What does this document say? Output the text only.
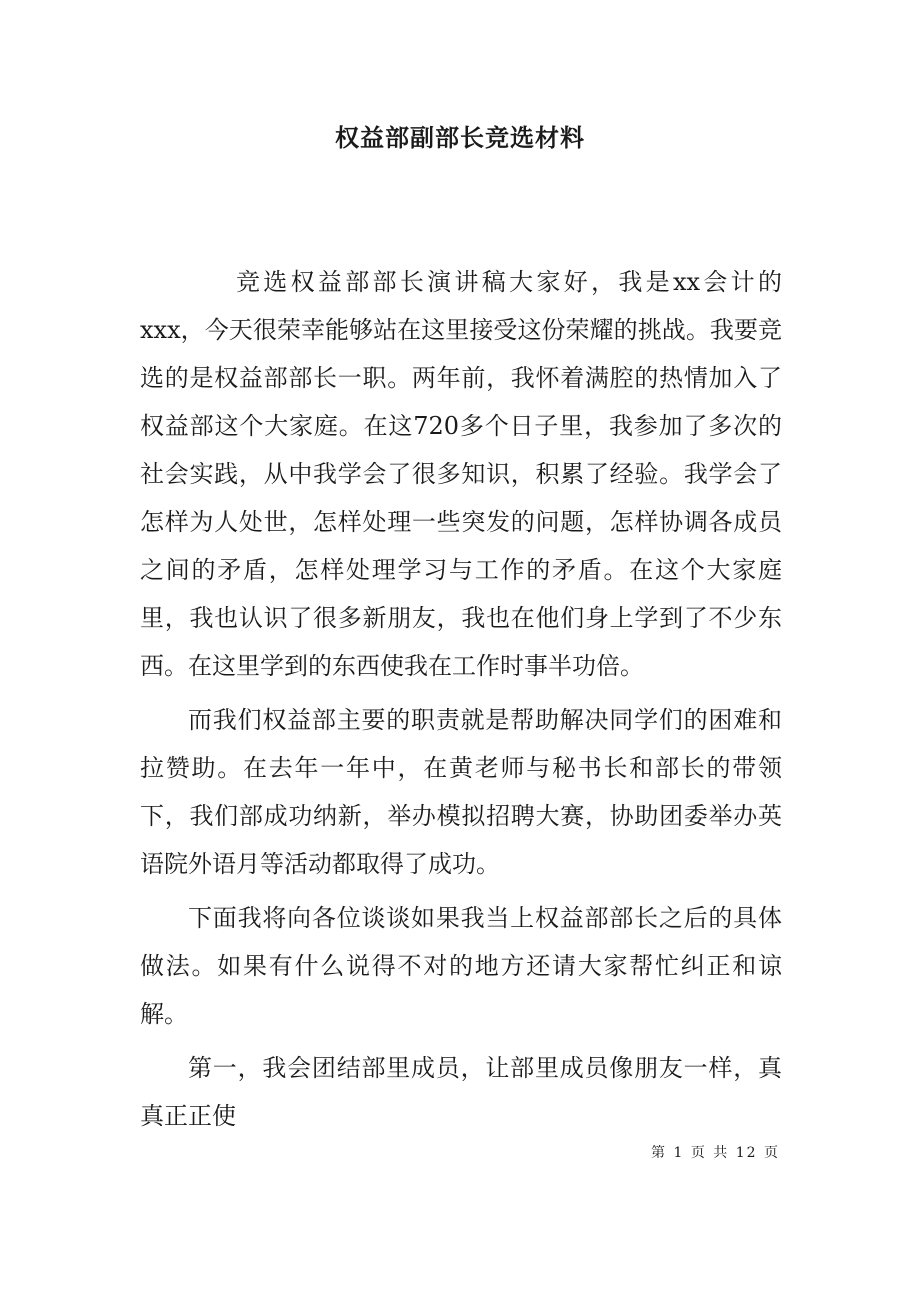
权益部副部长竞选材料

竞选权益部部长演讲稿大家好，我是xx会计的xxx，今天很荣幸能够站在这里接受这份荣耀的挑战。我要竞选的是权益部部长一职。两年前，我怀着满腔的热情加入了权益部这个大家庭。在这720多个日子里，我参加了多次的社会实践，从中我学会了很多知识，积累了经验。我学会了怎样为人处世，怎样处理一些突发的问题，怎样协调各成员之间的矛盾，怎样处理学习与工作的矛盾。在这个大家庭里，我也认识了很多新朋友，我也在他们身上学到了不少东西。在这里学到的东西使我在工作时事半功倍。

而我们权益部主要的职责就是帮助解决同学们的困难和拉赞助。在去年一年中，在黄老师与秘书长和部长的带领下，我们部成功纳新，举办模拟招聘大赛，协助团委举办英语院外语月等活动都取得了成功。

下面我将向各位谈谈如果我当上权益部部长之后的具体做法。如果有什么说得不对的地方还请大家帮忙纠正和谅解。

第一，我会团结部里成员，让部里成员像朋友一样，真真正正使

第 1 页 共 12 页
